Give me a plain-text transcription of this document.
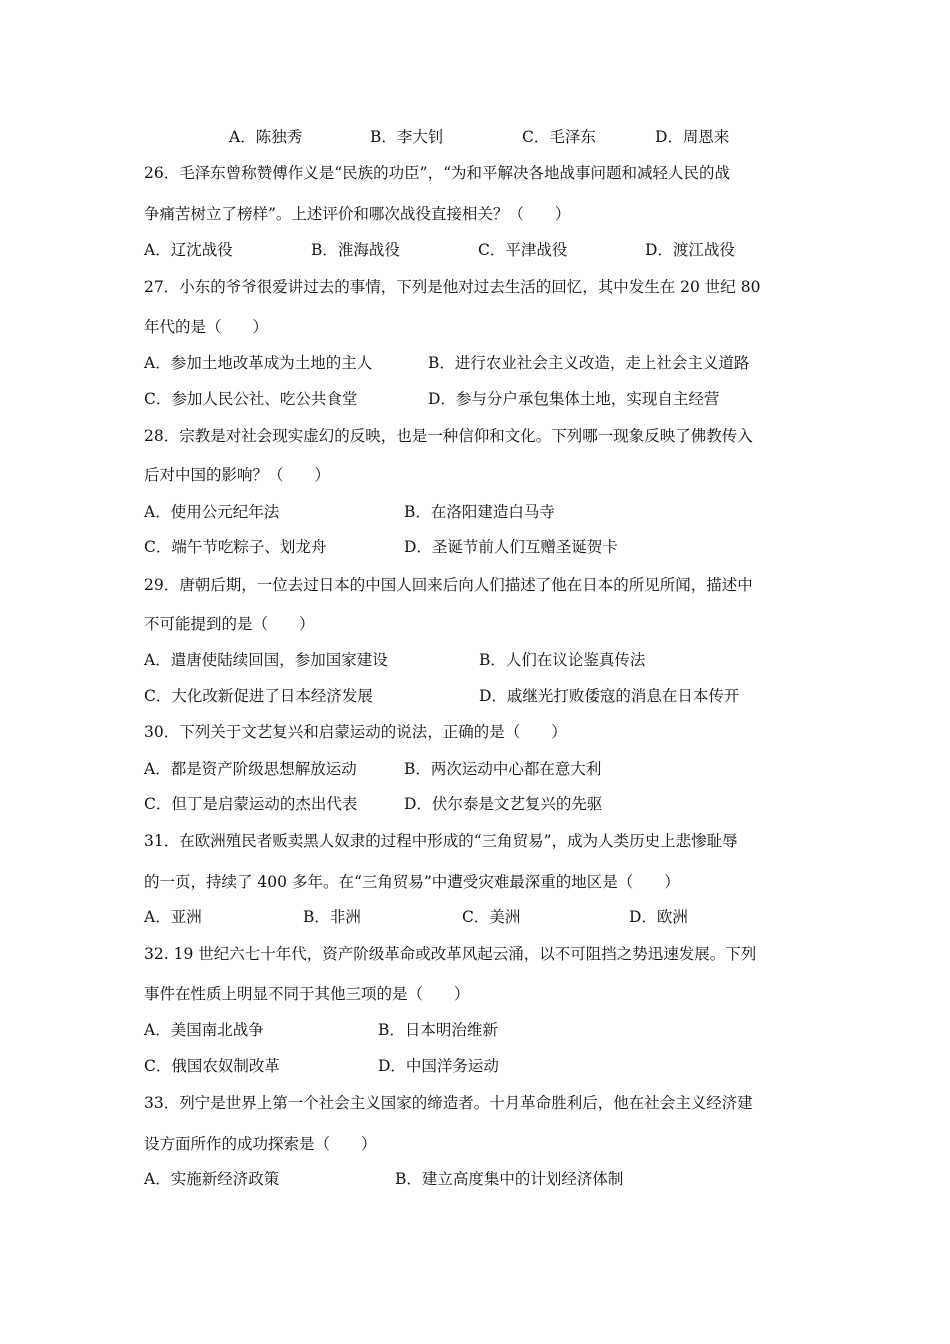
A．陈独秀	B．李大钊	C．毛泽东	D．周恩来
26．毛泽东曾称赞傅作义是“民族的功臣”，“为和平解决各地战事问题和减轻人民的战
争痛苦树立了榜样”。上述评价和哪次战役直接相关？（　　）
A．辽沈战役	B．淮海战役	C．平津战役	D．渡江战役
27．小东的爷爷很爱讲过去的事情，下列是他对过去生活的回忆，其中发生在 20 世纪 80
年代的是（　　）
A．参加土地改革成为土地的主人	B．进行农业社会主义改造，走上社会主义道路
C．参加人民公社、吃公共食堂	D．参与分户承包集体土地，实现自主经营
28．宗教是对社会现实虚幻的反映，也是一种信仰和文化。下列哪一现象反映了佛教传入
后对中国的影响？（　　）
A．使用公元纪年法	B．在洛阳建造白马寺
C．端午节吃粽子、划龙舟	D．圣诞节前人们互赠圣诞贺卡
29．唐朝后期，一位去过日本的中国人回来后向人们描述了他在日本的所见所闻，描述中
不可能提到的是（　　）
A．遣唐使陆续回国，参加国家建设	B．人们在议论鉴真传法
C．大化改新促进了日本经济发展	D．戚继光打败倭寇的消息在日本传开
30．下列关于文艺复兴和启蒙运动的说法，正确的是（　　）
A．都是资产阶级思想解放运动	B．两次运动中心都在意大利
C．但丁是启蒙运动的杰出代表	D．伏尔泰是文艺复兴的先驱
31．在欧洲殖民者贩卖黑人奴隶的过程中形成的“三角贸易”，成为人类历史上悲惨耻辱
的一页，持续了 400 多年。在“三角贸易”中遭受灾难最深重的地区是（　　）
A．亚洲	B．非洲	C．美洲	D．欧洲
32. 19 世纪六七十年代，资产阶级革命或改革风起云涌，以不可阻挡之势迅速发展。下列
事件在性质上明显不同于其他三项的是（　　）
A．美国南北战争	B．日本明治维新
C．俄国农奴制改革	D．中国洋务运动
33．列宁是世界上第一个社会主义国家的缔造者。十月革命胜利后，他在社会主义经济建
设方面所作的成功探索是（　　）
A．实施新经济政策	B．建立高度集中的计划经济体制
